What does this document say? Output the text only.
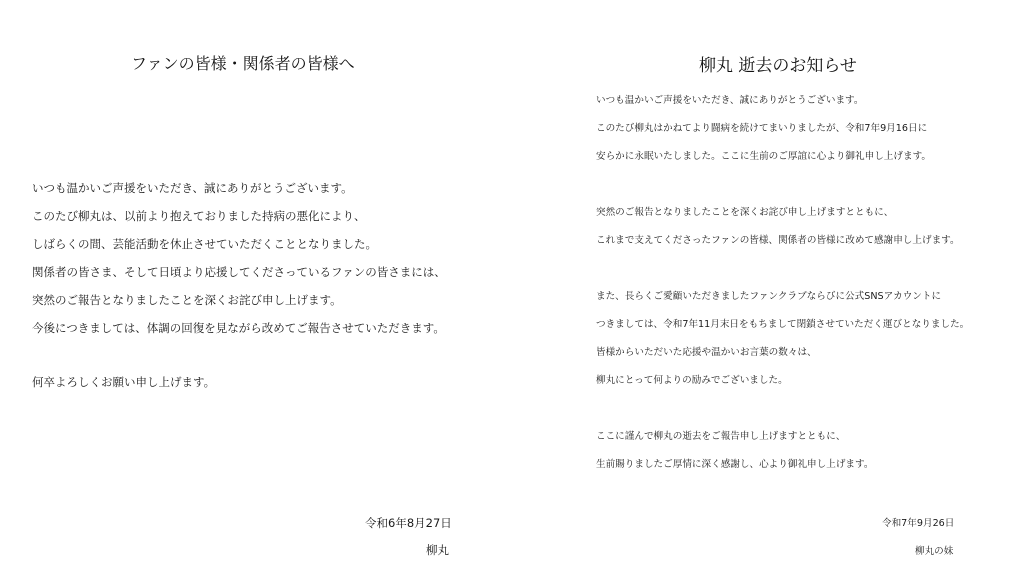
ファンの皆様・関係者の皆様へ
いつも温かいご声援をいただき、誠にありがとうございます。
このたび柳丸は、以前より抱えておりました持病の悪化により、
しばらくの間、芸能活動を休止させていただくこととなりました。
関係者の皆さま、そして日頃より応援してくださっているファンの皆さまには、
突然のご報告となりましたことを深くお詫び申し上げます。
今後につきましては、体調の回復を見ながら改めてご報告させていただきます。
何卒よろしくお願い申し上げます。
令和6年8月27日
柳丸
柳丸 逝去のお知らせ
いつも温かいご声援をいただき、誠にありがとうございます。
このたび柳丸はかねてより闘病を続けてまいりましたが、令和7年9月16日に
安らかに永眠いたしました。ここに生前のご厚誼に心より御礼申し上げます。
突然のご報告となりましたことを深くお詫び申し上げますとともに、
これまで支えてくださったファンの皆様、関係者の皆様に改めて感謝申し上げます。
また、長らくご愛顧いただきましたファンクラブならびに公式SNSアカウントに
つきましては、令和7年11月末日をもちまして閉鎖させていただく運びとなりました。
皆様からいただいた応援や温かいお言葉の数々は、
柳丸にとって何よりの励みでございました。
ここに謹んで柳丸の逝去をご報告申し上げますとともに、
生前賜りましたご厚情に深く感謝し、心より御礼申し上げます。
令和7年9月26日
柳丸の妹
